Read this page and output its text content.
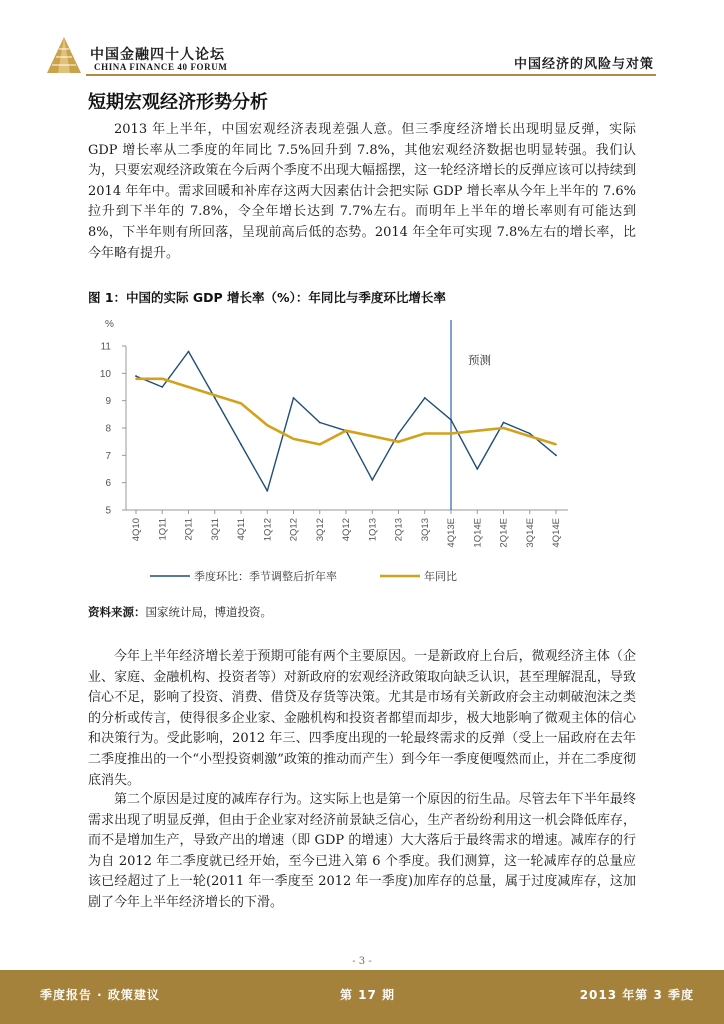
中国金融四十人论坛
CHINA FINANCE 40 FORUM	中国经济的风险与对策
短期宏观经济形势分析

2013 年上半年，中国宏观经济表现差强人意。但三季度经济增长出现明显反弹，实际 GDP 增长率从二季度的年同比 7.5%回升到 7.8%，其他宏观经济数据也明显转强。我们认为，只要宏观经济政策在今后两个季度不出现大幅摇摆，这一轮经济增长的反弹应该可以持续到 2014 年年中。需求回暖和补库存这两大因素估计会把实际 GDP 增长率从今年上半年的 7.6%拉升到下半年的 7.8%，令全年增长达到 7.7%左右。而明年上半年的增长率则有可能达到 8%，下半年则有所回落，呈现前高后低的态势。2014 年全年可实现 7.8%左右的增长率，比今年略有提升。

图 1：中国的实际 GDP 增长率（%）：年同比与季度环比增长率
%
5
6
7
8
9
10
11
4Q10 1Q11 2Q11 3Q11 4Q11 1Q12 2Q12 3Q12 4Q12 1Q13 2Q13 3Q13 4Q13E 1Q14E 2Q14E 3Q14E 4Q14E
预测
季度环比：季节调整后折年率	年同比
资料来源：国家统计局，博道投资。

今年上半年经济增长差于预期可能有两个主要原因。一是新政府上台后，微观经济主体（企业、家庭、金融机构、投资者等）对新政府的宏观经济政策取向缺乏认识，甚至理解混乱，导致信心不足，影响了投资、消费、借贷及存货等决策。尤其是市场有关新政府会主动刺破泡沫之类的分析或传言，使得很多企业家、金融机构和投资者都望而却步，极大地影响了微观主体的信心和决策行为。受此影响，2012 年三、四季度出现的一轮最终需求的反弹（受上一届政府在去年二季度推出的一个“小型投资刺激”政策的推动而产生）到今年一季度便嘎然而止，并在二季度彻底消失。

第二个原因是过度的减库存行为。这实际上也是第一个原因的衍生品。尽管去年下半年最终需求出现了明显反弹，但由于企业家对经济前景缺乏信心，生产者纷纷利用这一机会降低库存，而不是增加生产，导致产出的增速（即 GDP 的增速）大大落后于最终需求的增速。减库存的行为自 2012 年二季度就已经开始，至今已进入第 6 个季度。我们测算，这一轮减库存的总量应该已经超过了上一轮(2011 年一季度至 2012 年一季度)加库存的总量，属于过度减库存，这加剧了今年上半年经济增长的下滑。

- 3 -
季度报告 · 政策建议	第 17 期	2013 年第 3 季度
